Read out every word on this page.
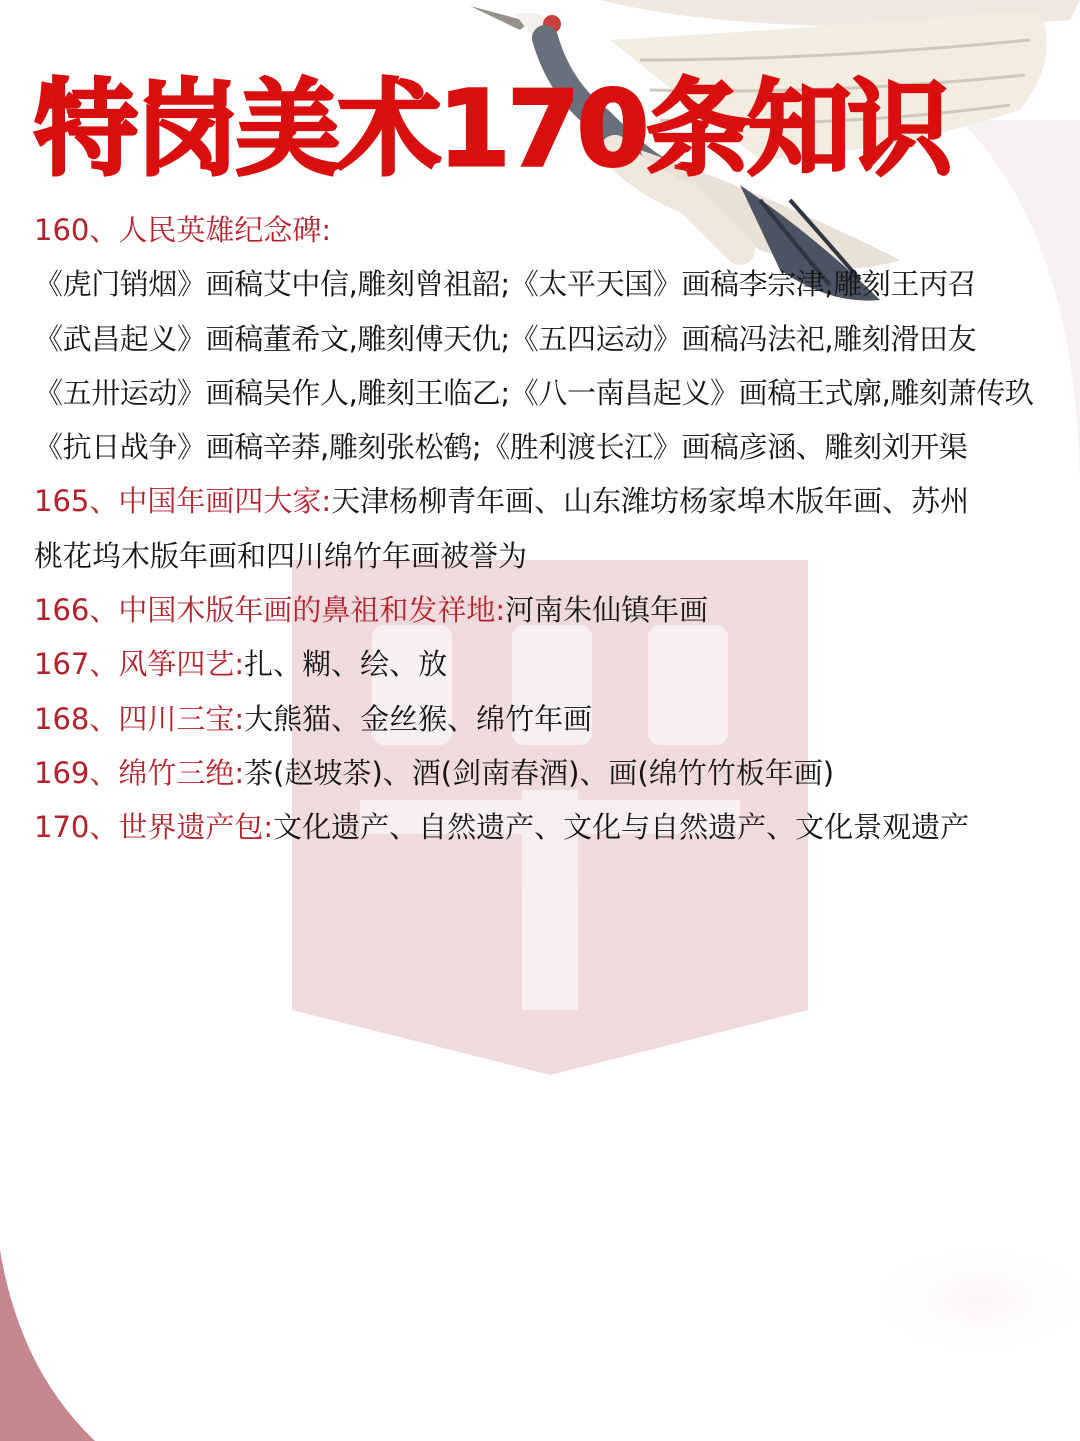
特岗美术170条知识
160、人民英雄纪念碑:
《虎门销烟》画稿艾中信,雕刻曾祖韶;《太平天国》画稿李宗津,雕刻王丙召
《武昌起义》画稿董希文,雕刻傅天仇;《五四运动》画稿冯法祀,雕刻滑田友
《五卅运动》画稿吴作人,雕刻王临乙;《八一南昌起义》画稿王式廓,雕刻萧传玖
《抗日战争》画稿辛莽,雕刻张松鹤;《胜利渡长江》画稿彦涵、雕刻刘开渠
165、中国年画四大家:天津杨柳青年画、山东潍坊杨家埠木版年画、苏州
桃花坞木版年画和四川绵竹年画被誉为
166、中国木版年画的鼻祖和发祥地:河南朱仙镇年画
167、风筝四艺:扎、糊、绘、放
168、四川三宝:大熊猫、金丝猴、绵竹年画
169、绵竹三绝:茶(赵坡茶)、酒(剑南春酒)、画(绵竹竹板年画)
170、世界遗产包:文化遗产、自然遗产、文化与自然遗产、文化景观遗产
